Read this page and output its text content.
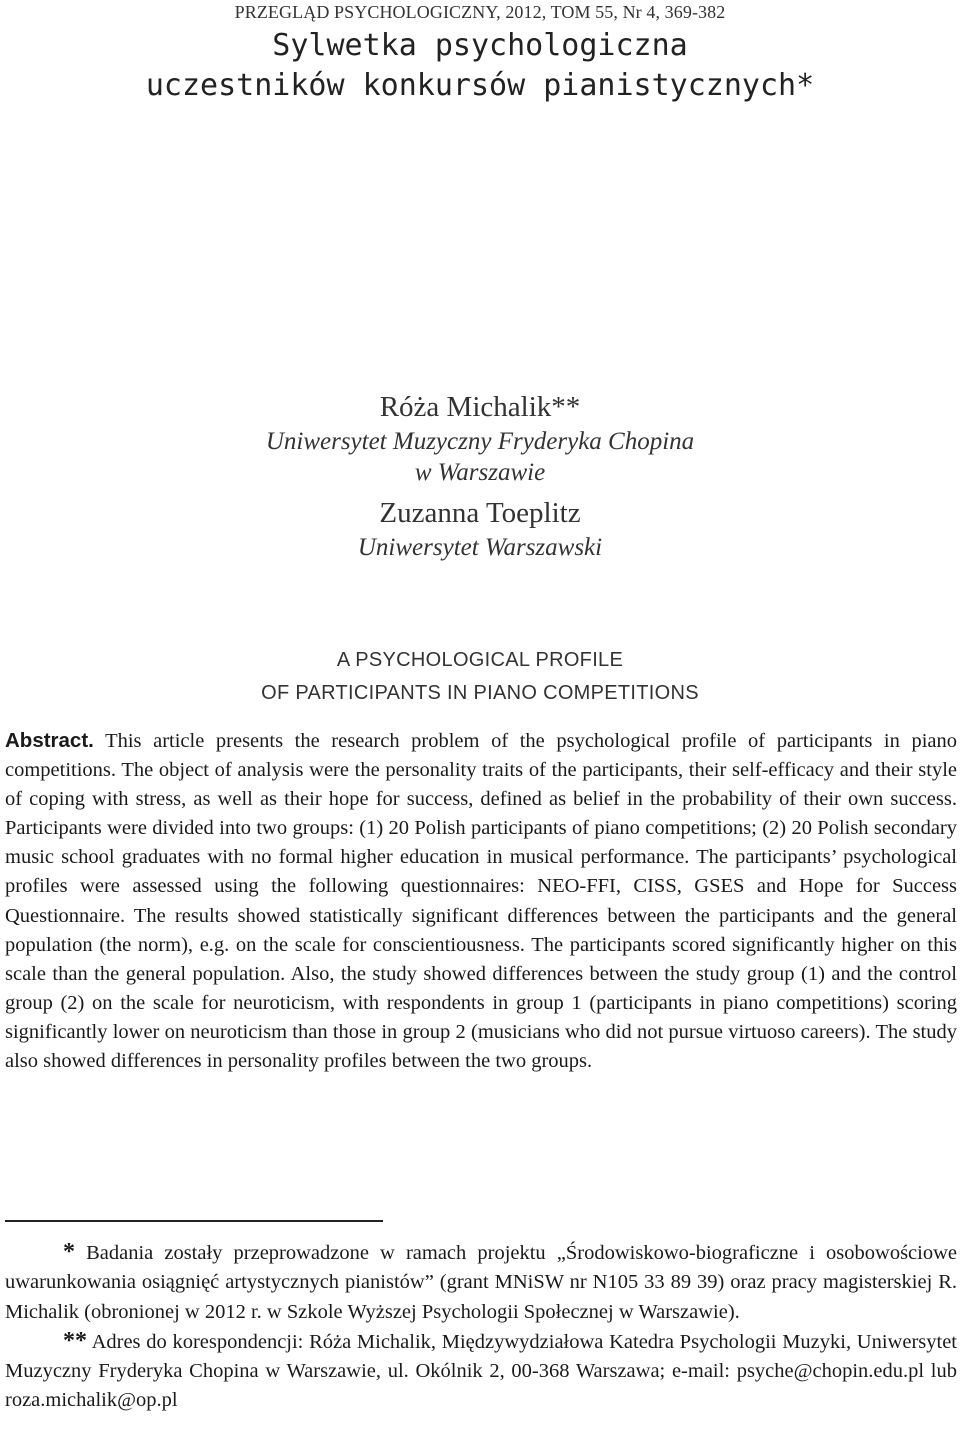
PRZEGLĄD PSYCHOLOGICZNY, 2012, TOM 55, Nr 4, 369-382
Sylwetka psychologiczna
uczestników konkursów pianistycznych*
Róża Michalik**
Uniwersytet Muzyczny Fryderyka Chopina
w Warszawie
Zuzanna Toeplitz
Uniwersytet Warszawski
A PSYCHOLOGICAL PROFILE
OF PARTICIPANTS IN PIANO COMPETITIONS
Abstract. This article presents the research problem of the psychological profile of participants in piano competitions. The object of analysis were the personality traits of the participants, their self-efficacy and their style of coping with stress, as well as their hope for success, defined as belief in the probability of their own success. Participants were divided into two groups: (1) 20 Polish participants of piano competitions; (2) 20 Polish secondary music school graduates with no formal higher education in musical performance. The participants’ psychological profiles were assessed using the following questionnaires: NEO-FFI, CISS, GSES and Hope for Success Questionnaire. The results showed statistically significant differences between the participants and the general population (the norm), e.g. on the scale for conscientiousness. The participants scored significantly higher on this scale than the general population. Also, the study showed differences between the study group (1) and the control group (2) on the scale for neuroticism, with respondents in group 1 (participants in piano competitions) scoring significantly lower on neuroticism than those in group 2 (musicians who did not pursue virtuoso careers). The study also showed differences in personality profiles between the two groups.

* Badania zostały przeprowadzone w ramach projektu „Środowiskowo-biograficzne i osobowościowe uwarunkowania osiągnięć artystycznych pianistów” (grant MNiSW nr N105 33 89 39) oraz pracy magisterskiej R. Michalik (obronionej w 2012 r. w Szkole Wyższej Psychologii Społecznej w Warszawie).

** Adres do korespondencji: Róża Michalik, Międzywydziałowa Katedra Psychologii Muzyki, Uniwersytet Muzyczny Fryderyka Chopina w Warszawie, ul. Okólnik 2, 00-368 Warszawa; e-mail: psyche@chopin.edu.pl lub roza.michalik@op.pl
